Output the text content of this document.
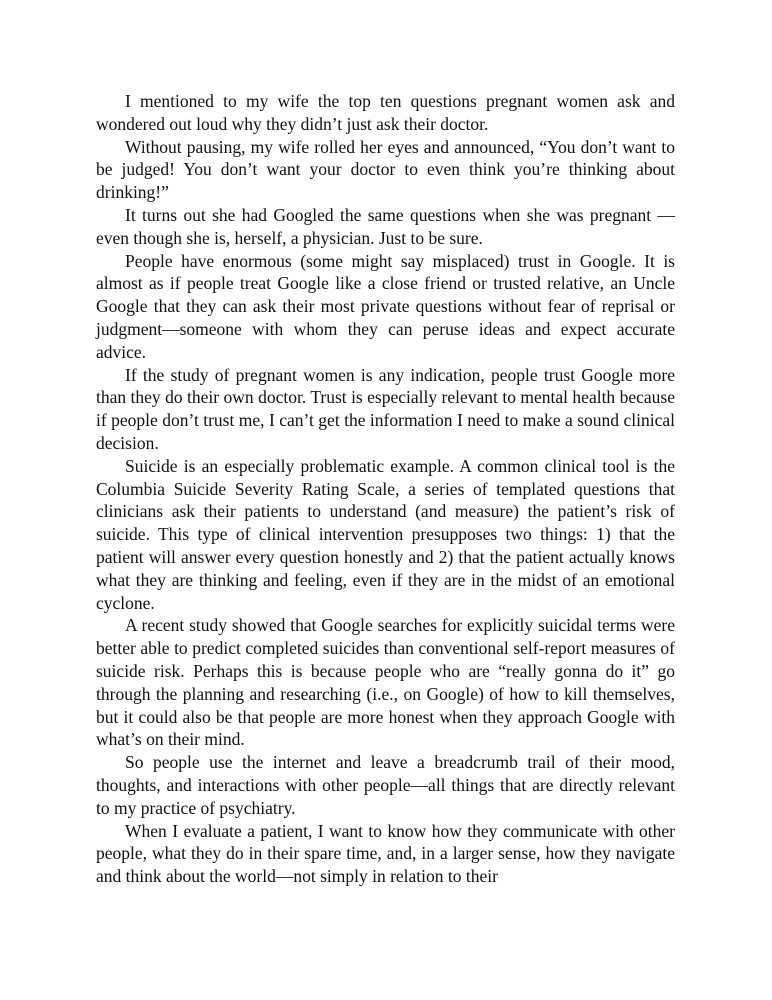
I mentioned to my wife the top ten questions pregnant women ask and wondered out loud why they didn’t just ask their doctor.

Without pausing, my wife rolled her eyes and announced, “You don’t want to be judged! You don’t want your doctor to even think you’re thinking about drinking!”

It turns out she had Googled the same questions when she was pregnant —even though she is, herself, a physician. Just to be sure.

People have enormous (some might say misplaced) trust in Google. It is almost as if people treat Google like a close friend or trusted relative, an Uncle Google that they can ask their most private questions without fear of reprisal or judgment—someone with whom they can peruse ideas and expect accurate advice.

If the study of pregnant women is any indication, people trust Google more than they do their own doctor. Trust is especially relevant to mental health because if people don’t trust me, I can’t get the information I need to make a sound clinical decision.

Suicide is an especially problematic example. A common clinical tool is the Columbia Suicide Severity Rating Scale, a series of templated questions that clinicians ask their patients to understand (and measure) the patient’s risk of suicide. This type of clinical intervention presupposes two things: 1) that the patient will answer every question honestly and 2) that the patient actually knows what they are thinking and feeling, even if they are in the midst of an emotional cyclone.

A recent study showed that Google searches for explicitly suicidal terms were better able to predict completed suicides than conventional self-report measures of suicide risk. Perhaps this is because people who are “really gonna do it” go through the planning and researching (i.e., on Google) of how to kill themselves, but it could also be that people are more honest when they approach Google with what’s on their mind.

So people use the internet and leave a breadcrumb trail of their mood, thoughts, and interactions with other people—all things that are directly relevant to my practice of psychiatry.

When I evaluate a patient, I want to know how they communicate with other people, what they do in their spare time, and, in a larger sense, how they navigate and think about the world—not simply in relation to their
